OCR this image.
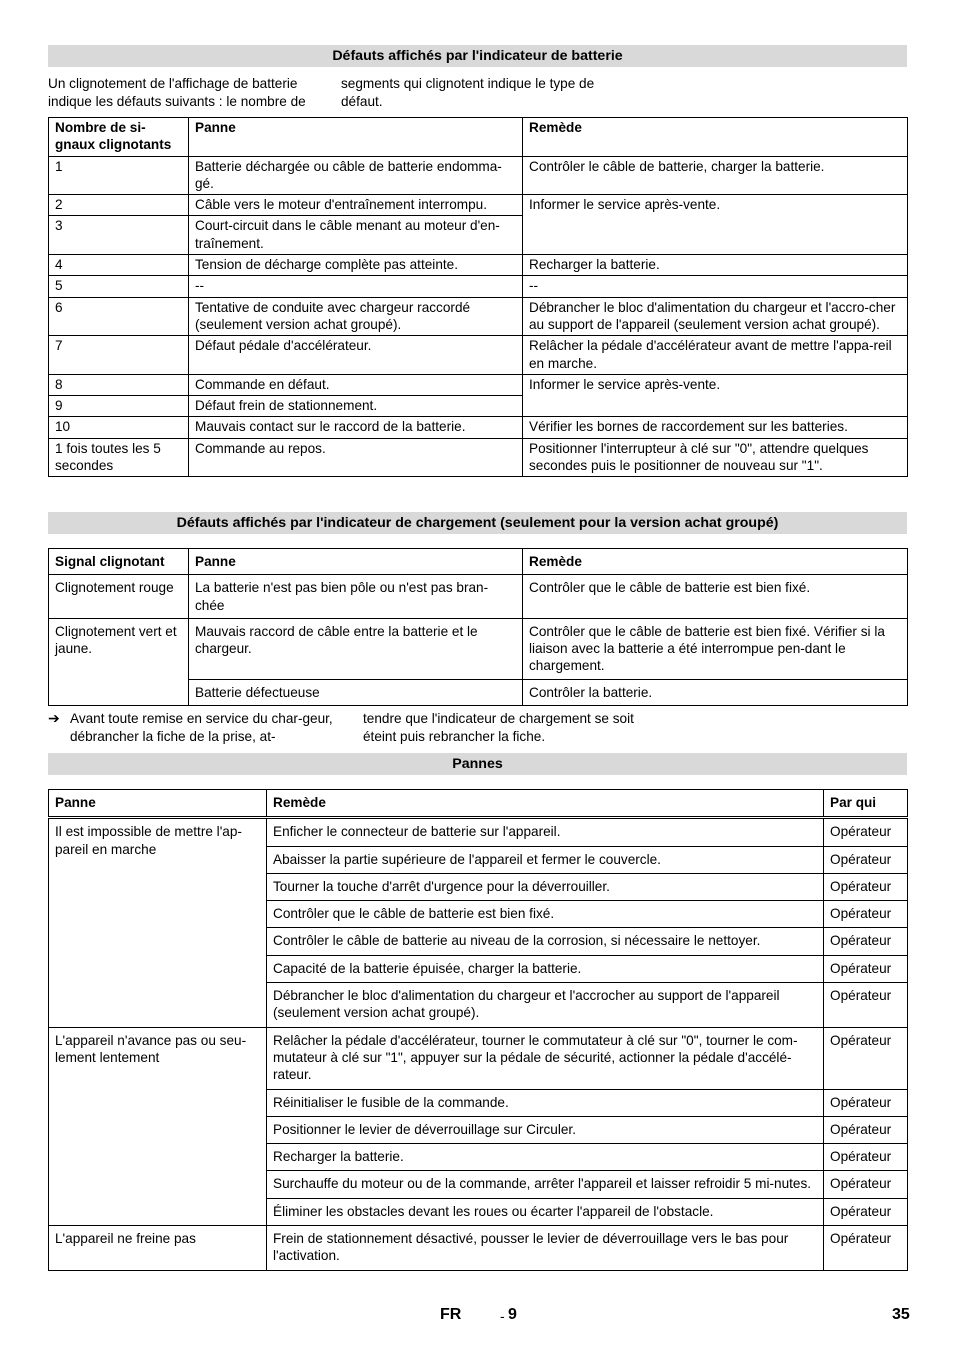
Défauts affichés par l'indicateur de batterie
Un clignotement de l'affichage de batterie indique les défauts suivants : le nombre de
segments qui clignotent indique le type de défaut.
Nombre de si-gnaux clignotants	Panne	Remède
1	Batterie déchargée ou câble de batterie endomma-gé.	Contrôler le câble de batterie, charger la batterie.
2	Câble vers le moteur d'entraînement interrompu.	Informer le service après-vente.
3	Court-circuit dans le câble menant au moteur d'en-traînement.	
4	Tension de décharge complète pas atteinte.	Recharger la batterie.
5	--	--
6	Tentative de conduite avec chargeur raccordé (seulement version achat groupé).	Débrancher le bloc d'alimentation du chargeur et l'accro-cher au support de l'appareil (seulement version achat groupé).
7	Défaut pédale d'accélérateur.	Relâcher la pédale d'accélérateur avant de mettre l'appa-reil en marche.
8	Commande en défaut.	Informer le service après-vente.
9	Défaut frein de stationnement.	
10	Mauvais contact sur le raccord de la batterie.	Vérifier les bornes de raccordement sur les batteries.
1 fois toutes les 5 secondes	Commande au repos.	Positionner l'interrupteur à clé sur "0", attendre quelques secondes puis le positionner de nouveau sur "1".
Défauts affichés par l'indicateur de chargement (seulement pour la version achat groupé)
Signal clignotant	Panne	Remède
Clignotement rouge	La batterie n'est pas bien pôle ou n'est pas bran-chée	Contrôler que le câble de batterie est bien fixé.
Clignotement vert et jaune.	Mauvais raccord de câble entre la batterie et le chargeur.	Contrôler que le câble de batterie est bien fixé. Vérifier si la liaison avec la batterie a été interrompue pen-dant le chargement.
	Batterie défectueuse	Contrôler la batterie.
➔ Avant toute remise en service du char-geur, débrancher la fiche de la prise, at-
tendre que l'indicateur de chargement se soit éteint puis rebrancher la fiche.
Pannes
Panne	Remède	Par qui
Il est impossible de mettre l'ap-pareil en marche	Enficher le connecteur de batterie sur l'appareil.	Opérateur
	Abaisser la partie supérieure de l'appareil et fermer le couvercle.	Opérateur
	Tourner la touche d'arrêt d'urgence pour la déverrouiller.	Opérateur
	Contrôler que le câble de batterie est bien fixé.	Opérateur
	Contrôler le câble de batterie au niveau de la corrosion, si nécessaire le nettoyer.	Opérateur
	Capacité de la batterie épuisée, charger la batterie.	Opérateur
	Débrancher le bloc d'alimentation du chargeur et l'accrocher au support de l'appareil (seulement version achat groupé).	Opérateur
L'appareil n'avance pas ou seu-lement lentement	Relâcher la pédale d'accélérateur, tourner le commutateur à clé sur "0", tourner le com-mutateur à clé sur "1", appuyer sur la pédale de sécurité, actionner la pédale d'accélé-rateur.	Opérateur
	Réinitialiser le fusible de la commande.	Opérateur
	Positionner le levier de déverrouillage sur Circuler.	Opérateur
	Recharger la batterie.	Opérateur
	Surchauffe du moteur ou de la commande, arrêter l'appareil et laisser refroidir 5 mi-nutes.	Opérateur
	Éliminer les obstacles devant les roues ou écarter l'appareil de l'obstacle.	Opérateur
L'appareil ne freine pas	Frein de stationnement désactivé, pousser le levier de déverrouillage vers le bas pour l'activation.	Opérateur
FR	- 9	35
